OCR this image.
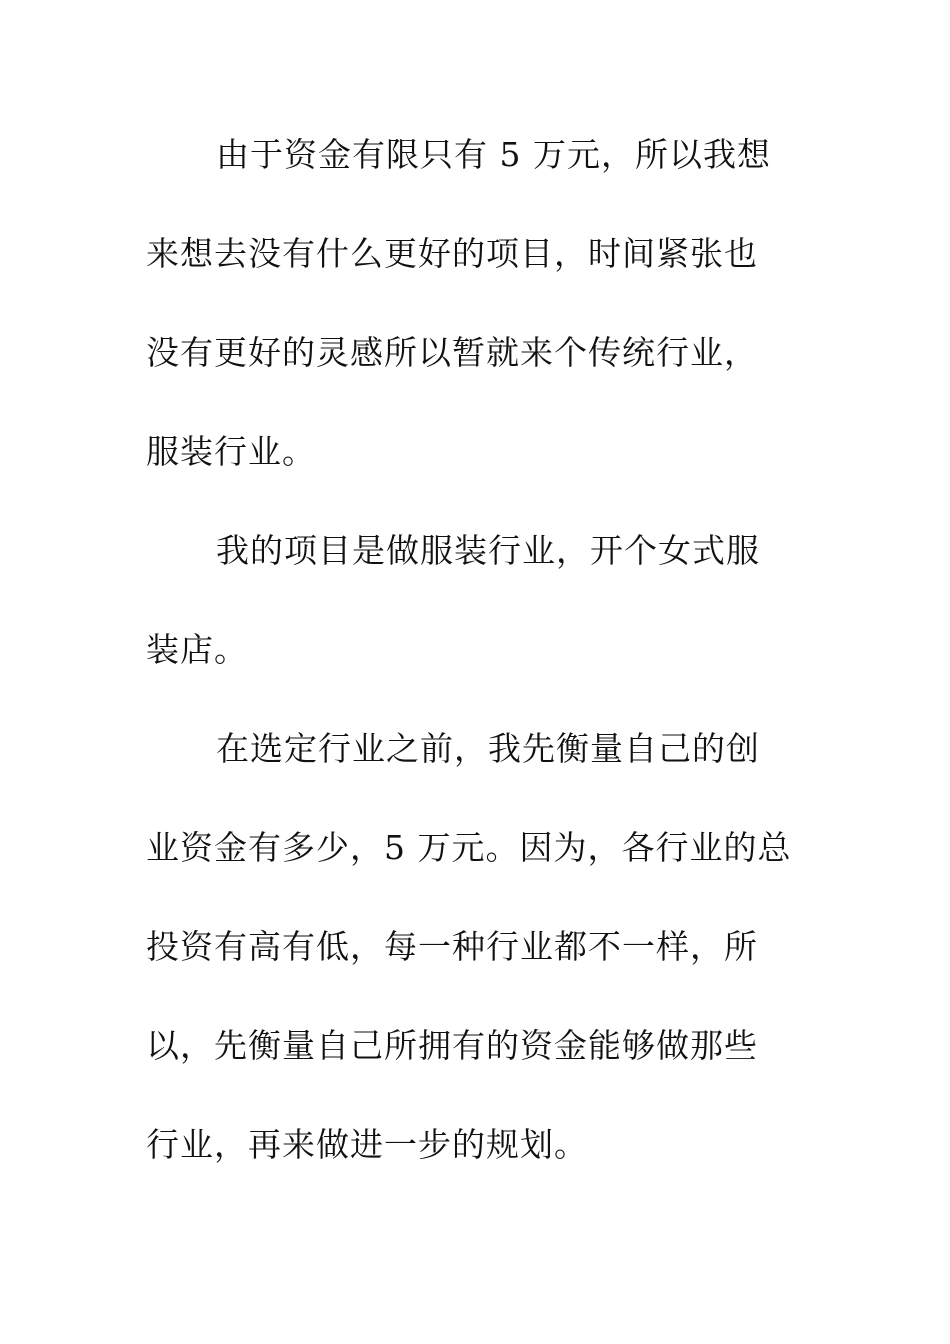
由于资金有限只有 5 万元，所以我想
来想去没有什么更好的项目，时间紧张也
没有更好的灵感所以暂就来个传统行业，
服装行业。
我的项目是做服装行业，开个女式服
装店。
在选定行业之前，我先衡量自己的创
业资金有多少，5 万元。因为，各行业的总
投资有高有低，每一种行业都不一样，所
以，先衡量自己所拥有的资金能够做那些
行业，再来做进一步的规划。
